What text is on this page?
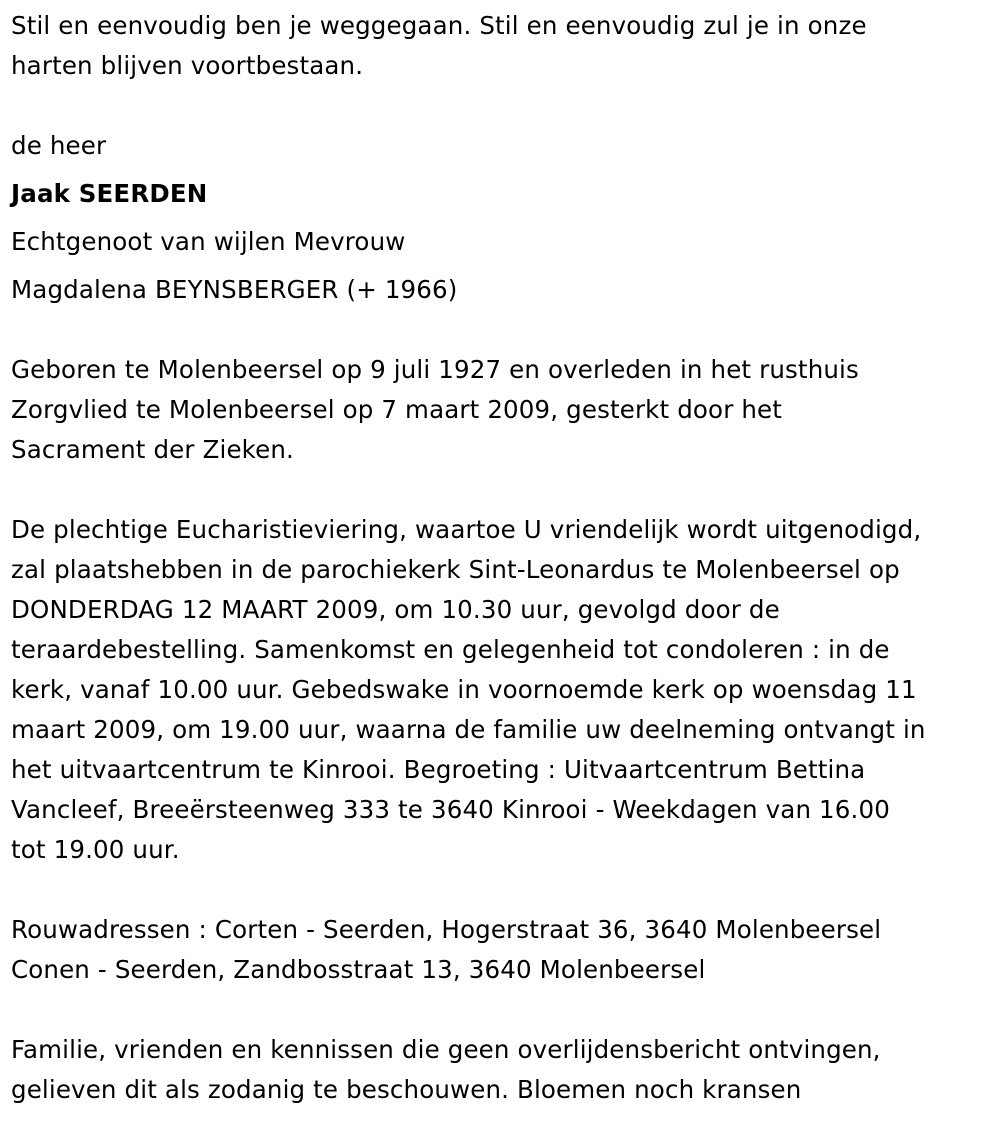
Stil en eenvoudig ben je weggegaan. Stil en eenvoudig zul je in onze

harten blijven voortbestaan.

de heer

Jaak SEERDEN

Echtgenoot van wijlen Mevrouw

Magdalena BEYNSBERGER (+ 1966)

Geboren te Molenbeersel op 9 juli 1927 en overleden in het rusthuis

Zorgvlied te Molenbeersel op 7 maart 2009, gesterkt door het

Sacrament der Zieken.

De plechtige Eucharistieviering, waartoe U vriendelijk wordt uitgenodigd,

zal plaatshebben in de parochiekerk Sint-Leonardus te Molenbeersel op

DONDERDAG 12 MAART 2009, om 10.30 uur, gevolgd door de

teraardebestelling. Samenkomst en gelegenheid tot condoleren : in de

kerk, vanaf 10.00 uur. Gebedswake in voornoemde kerk op woensdag 11

maart 2009, om 19.00 uur, waarna de familie uw deelneming ontvangt in

het uitvaartcentrum te Kinrooi. Begroeting : Uitvaartcentrum Bettina

Vancleef, Breeërsteenweg 333 te 3640 Kinrooi - Weekdagen van 16.00

tot 19.00 uur.

Rouwadressen : Corten - Seerden, Hogerstraat 36, 3640 Molenbeersel

Conen - Seerden, Zandbosstraat 13, 3640 Molenbeersel

Familie, vrienden en kennissen die geen overlijdensbericht ontvingen,

gelieven dit als zodanig te beschouwen. Bloemen noch kransen
